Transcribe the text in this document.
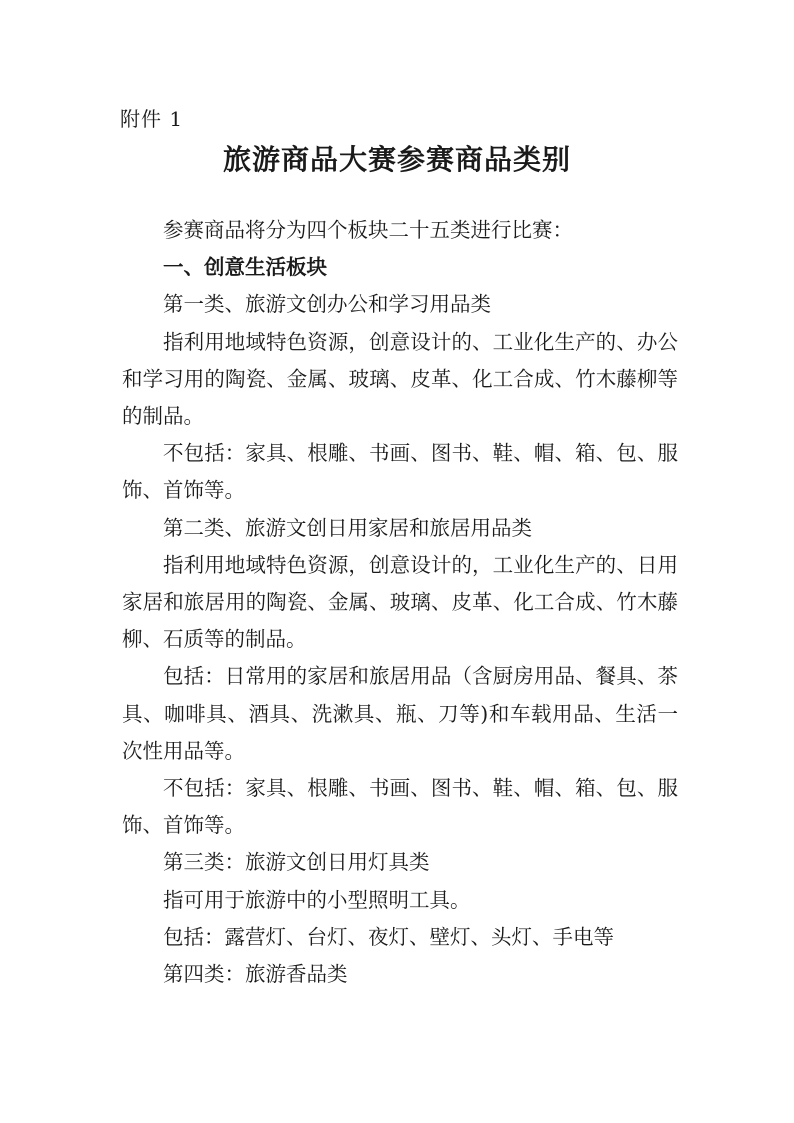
附件 1
旅游商品大赛参赛商品类别

参赛商品将分为四个板块二十五类进行比赛：

一、创意生活板块

第一类、旅游文创办公和学习用品类

指利用地域特色资源，创意设计的、工业化生产的、办公和学习用的陶瓷、金属、玻璃、皮革、化工合成、竹木藤柳等的制品。

不包括：家具、根雕、书画、图书、鞋、帽、箱、包、服饰、首饰等。

第二类、旅游文创日用家居和旅居用品类

指利用地域特色资源，创意设计的，工业化生产的、日用家居和旅居用的陶瓷、金属、玻璃、皮革、化工合成、竹木藤柳、石质等的制品。

包括：日常用的家居和旅居用品（含厨房用品、餐具、茶具、咖啡具、酒具、洗漱具、瓶、刀等)和车载用品、生活一次性用品等。

不包括：家具、根雕、书画、图书、鞋、帽、箱、包、服饰、首饰等。

第三类：旅游文创日用灯具类

指可用于旅游中的小型照明工具。

包括：露营灯、台灯、夜灯、壁灯、头灯、手电等

第四类：旅游香品类
